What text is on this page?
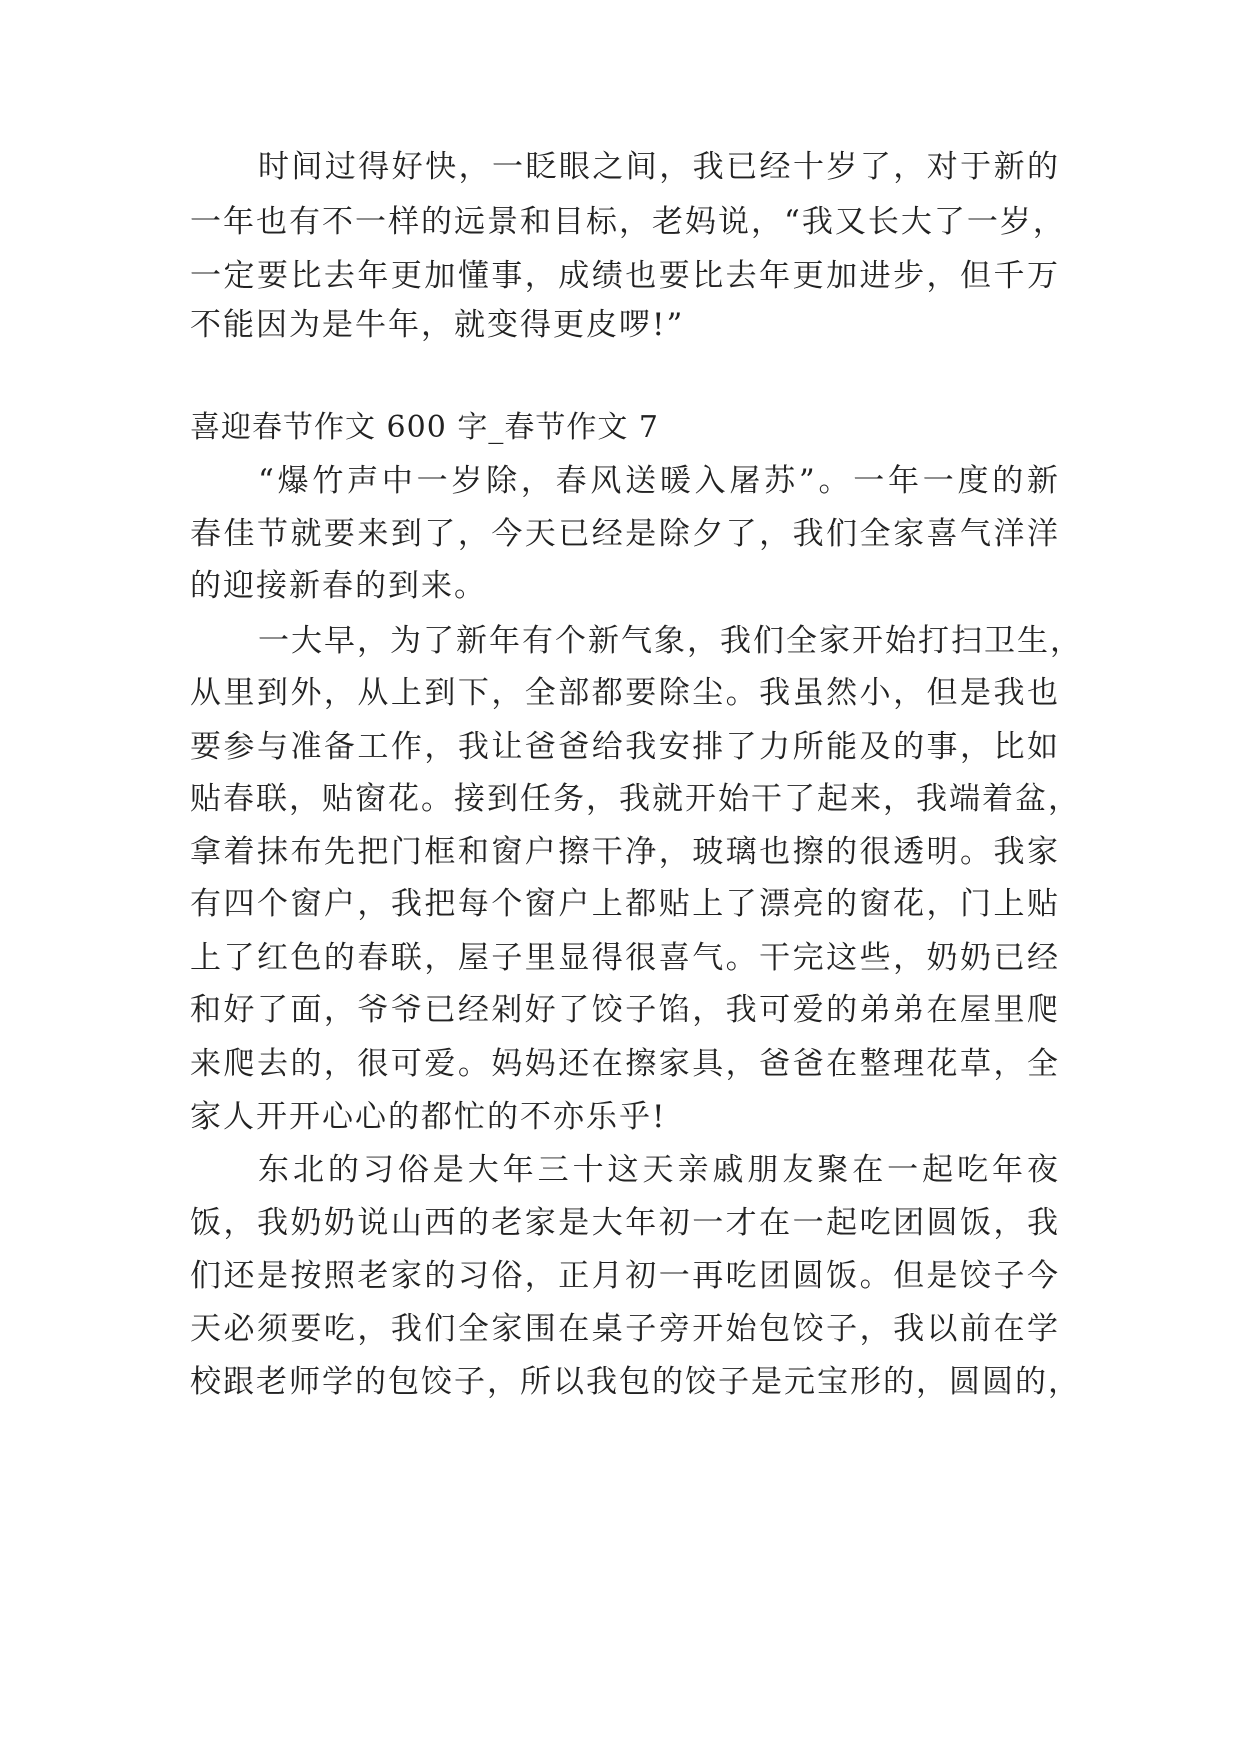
时间过得好快，一眨眼之间，我已经十岁了，对于新的
一年也有不一样的远景和目标，老妈说，“我又长大了一岁，
一定要比去年更加懂事，成绩也要比去年更加进步，但千万
不能因为是牛年，就变得更皮啰!”
喜迎春节作文 600 字_春节作文 7
“爆竹声中一岁除，春风送暖入屠苏”。一年一度的新
春佳节就要来到了，今天已经是除夕了，我们全家喜气洋洋
的迎接新春的到来。
一大早，为了新年有个新气象，我们全家开始打扫卫生，
从里到外，从上到下，全部都要除尘。我虽然小，但是我也
要参与准备工作，我让爸爸给我安排了力所能及的事，比如
贴春联，贴窗花。接到任务，我就开始干了起来，我端着盆，
拿着抹布先把门框和窗户擦干净，玻璃也擦的很透明。我家
有四个窗户，我把每个窗户上都贴上了漂亮的窗花，门上贴
上了红色的春联，屋子里显得很喜气。干完这些，奶奶已经
和好了面，爷爷已经剁好了饺子馅，我可爱的弟弟在屋里爬
来爬去的，很可爱。妈妈还在擦家具，爸爸在整理花草，全
家人开开心心的都忙的不亦乐乎!
东北的习俗是大年三十这天亲戚朋友聚在一起吃年夜
饭，我奶奶说山西的老家是大年初一才在一起吃团圆饭，我
们还是按照老家的习俗，正月初一再吃团圆饭。但是饺子今
天必须要吃，我们全家围在桌子旁开始包饺子，我以前在学
校跟老师学的包饺子，所以我包的饺子是元宝形的，圆圆的，
